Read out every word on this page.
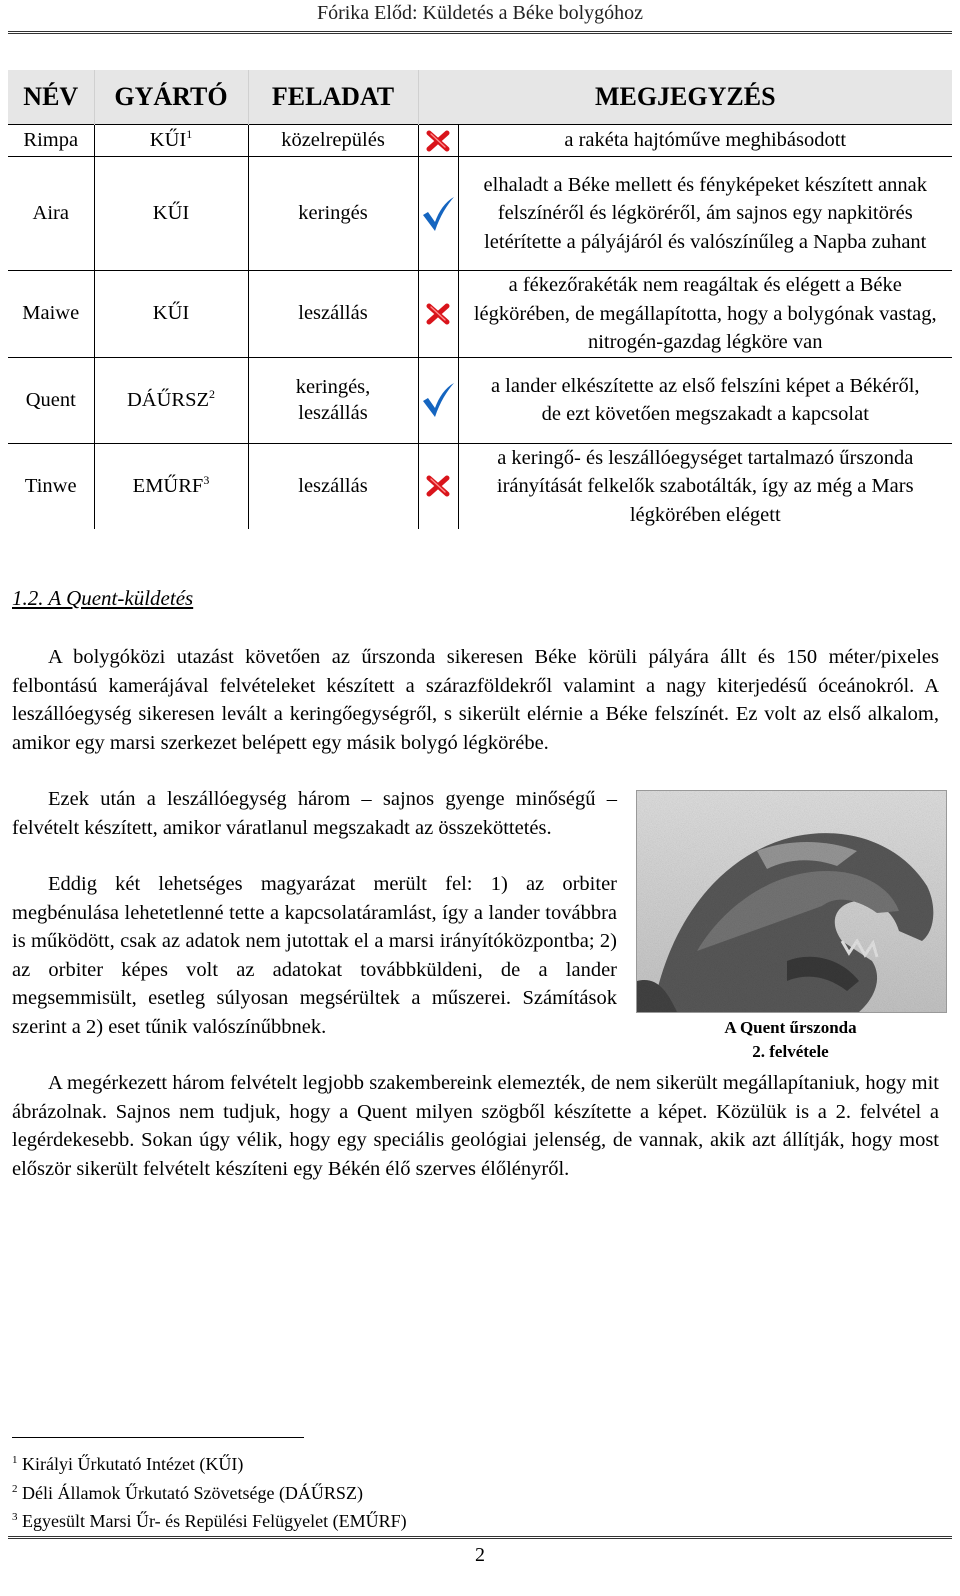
Fórika Előd: Küldetés a Béke bolygóhoz
NÉV	GYÁRTÓ	FELADAT	MEGJEGYZÉS	
Rimpa	KŰI$^1$	közelrepülés		a rakéta hajtóműve meghibásodott
Aira	KŰI	keringés		elhaladt a Béke mellett és fényképeket készített annak felszínéről és légköréről, ám sajnos egy napkitörés letérítette a pályájáról és valószínűleg a Napba zuhant
Maiwe	KŰI	leszállás		a fékezőrakéták nem reagáltak és elégett a Béke légkörében, de megállapította, hogy a bolygónak vastag, nitrogén-gazdag légköre van
Quent	DÁŰRSZ$^2$	keringés, leszállás		a lander elkészítette az első felszíni képet a Békéről, de ezt követően megszakadt a kapcsolat
Tinwe	EMŰRF$^3$	leszállás		a keringő- és leszállóegységet tartalmazó űrszonda irányítását felkelők szabotálták, így az még a Mars légkörében elégett
1.2. A Quent-küldetés
A bolygóközi utazást követően az űrszonda sikeresen Béke körüli pályára állt és 150 méter/pixeles felbontású kamerájával felvételeket készített a szárazföldekről valamint a nagy kiterjedésű óceánokról. A leszállóegység sikeresen levált a keringőegységről, s sikerült elérnie a Béke felszínét. Ez volt az első alkalom, amikor egy marsi szerkezet belépett egy másik bolygó légkörébe.
Ezek után a leszállóegység három – sajnos gyenge minőségű – felvételt készített, amikor váratlanul megszakadt az összeköttetés.
Eddig két lehetséges magyarázat merült fel: 1) az orbiter megbénulása lehetetlenné tette a kapcsolatáramlást, így a lander továbbra is működött, csak az adatok nem jutottak el a marsi irányítóközpontba; 2) az orbiter képes volt az adatokat továbbküldeni, de a lander megsemmisült, esetleg súlyosan megsérültek a műszerei. Számítások szerint a 2) eset tűnik valószínűbbnek.
A megérkezett három felvételt legjobb szakembereink elemezték, de nem sikerült megállapítaniuk, hogy mit ábrázolnak. Sajnos nem tudjuk, hogy a Quent milyen szögből készítette a képet. Közülük is a 2. felvétel a legérdekesebb. Sokan úgy vélik, hogy egy speciális geológiai jelenség, de vannak, akik azt állítják, hogy most először sikerült felvételt készíteni egy Békén élő szerves élőlényről.
A Quent űrszonda
2. felvétele
$^1$ Királyi Űrkutató Intézet (KŰI)
$^2$ Déli Államok Űrkutató Szövetsége (DÁŰRSZ)
$^3$ Egyesült Marsi Űr- és Repülési Felügyelet (EMŰRF)
2
